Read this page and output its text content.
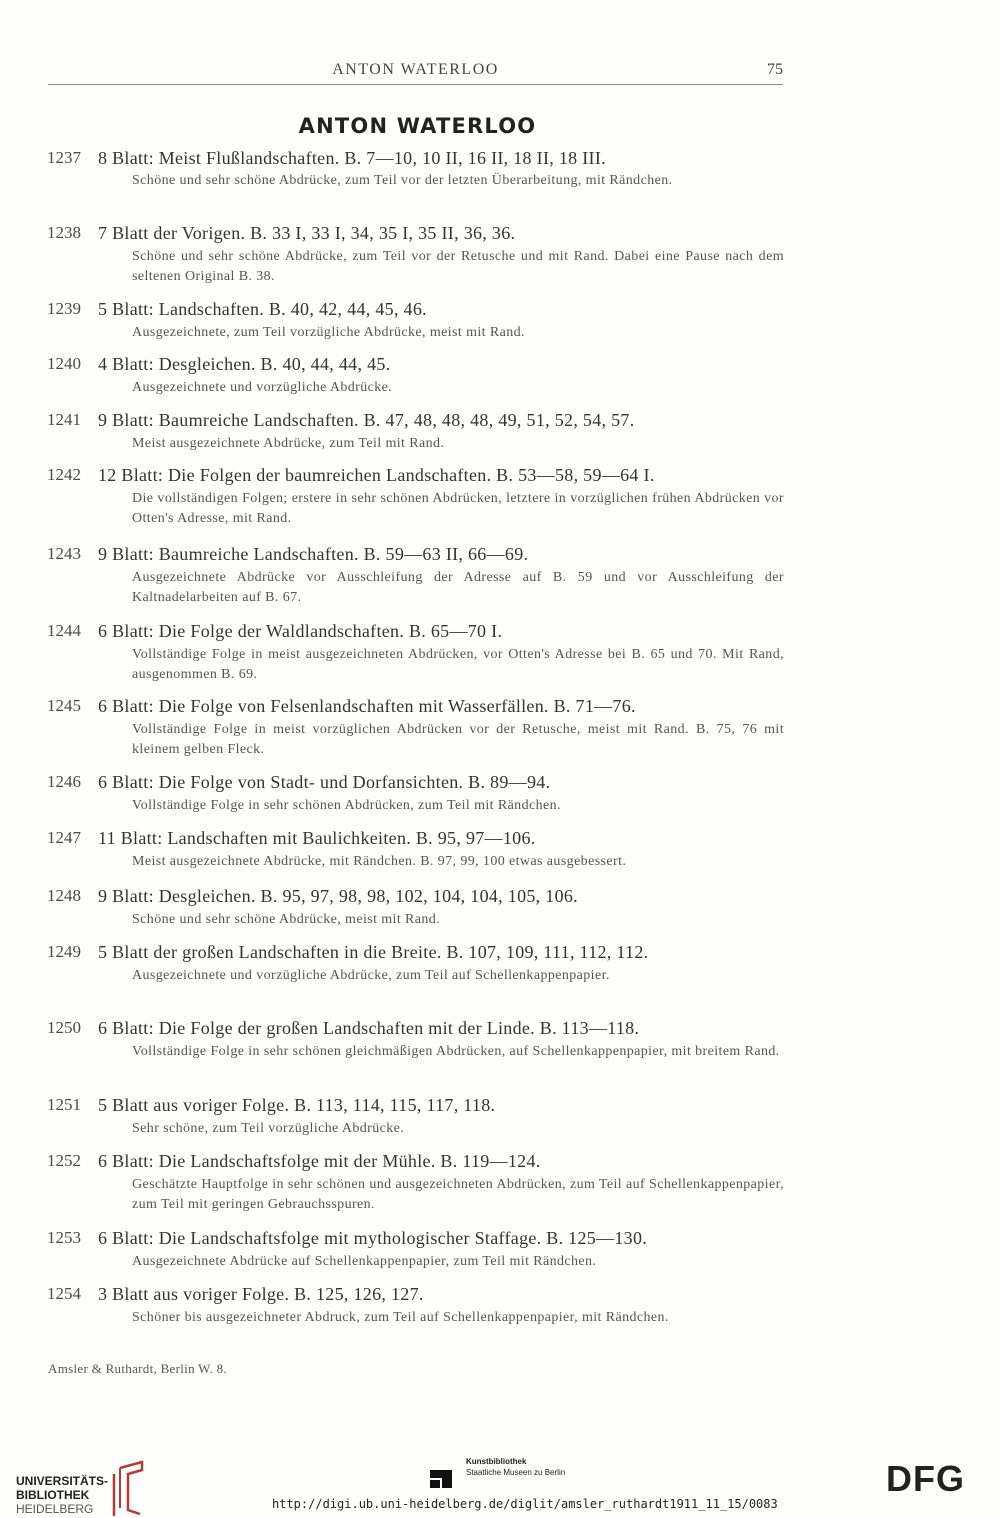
ANTON WATERLOO	75
ANTON WATERLOO
1237 8 Blatt: Meist Flußlandschaften. B. 7—10, 10 II, 16 II, 18 II, 18 III.
Schöne und sehr schöne Abdrücke, zum Teil vor der letzten Überarbeitung, mit Rändchen.
1238 7 Blatt der Vorigen. B. 33 I, 33 I, 34, 35 I, 35 II, 36, 36.
Schöne und sehr schöne Abdrücke, zum Teil vor der Retusche und mit Rand. Dabei eine Pause nach dem seltenen Original B. 38.
1239 5 Blatt: Landschaften. B. 40, 42, 44, 45, 46.
Ausgezeichnete, zum Teil vorzügliche Abdrücke, meist mit Rand.
1240 4 Blatt: Desgleichen. B. 40, 44, 44, 45.
Ausgezeichnete und vorzügliche Abdrücke.
1241 9 Blatt: Baumreiche Landschaften. B. 47, 48, 48, 48, 49, 51, 52, 54, 57.
Meist ausgezeichnete Abdrücke, zum Teil mit Rand.
1242 12 Blatt: Die Folgen der baumreichen Landschaften. B. 53—58, 59—64 I.
Die vollständigen Folgen; erstere in sehr schönen Abdrücken, letztere in vorzüglichen frühen Abdrücken vor Otten's Adresse, mit Rand.
1243 9 Blatt: Baumreiche Landschaften. B. 59—63 II, 66—69.
Ausgezeichnete Abdrücke vor Ausschleifung der Adresse auf B. 59 und vor Ausschleifung der Kaltnadelarbeiten auf B. 67.
1244 6 Blatt: Die Folge der Waldlandschaften. B. 65—70 I.
Vollständige Folge in meist ausgezeichneten Abdrücken, vor Otten's Adresse bei B. 65 und 70. Mit Rand, ausgenommen B. 69.
1245 6 Blatt: Die Folge von Felsenlandschaften mit Wasserfällen. B. 71—76.
Vollständige Folge in meist vorzüglichen Abdrücken vor der Retusche, meist mit Rand. B. 75, 76 mit kleinem gelben Fleck.
1246 6 Blatt: Die Folge von Stadt- und Dorfansichten. B. 89—94.
Vollständige Folge in sehr schönen Abdrücken, zum Teil mit Rändchen.
1247 11 Blatt: Landschaften mit Baulichkeiten. B. 95, 97—106.
Meist ausgezeichnete Abdrücke, mit Rändchen. B. 97, 99, 100 etwas ausgebessert.
1248 9 Blatt: Desgleichen. B. 95, 97, 98, 98, 102, 104, 104, 105, 106.
Schöne und sehr schöne Abdrücke, meist mit Rand.
1249 5 Blatt der großen Landschaften in die Breite. B. 107, 109, 111, 112, 112.
Ausgezeichnete und vorzügliche Abdrücke, zum Teil auf Schellenkappenpapier.
1250 6 Blatt: Die Folge der großen Landschaften mit der Linde. B. 113—118.
Vollständige Folge in sehr schönen gleichmäßigen Abdrücken, auf Schellenkappenpapier, mit breitem Rand.
1251 5 Blatt aus voriger Folge. B. 113, 114, 115, 117, 118.
Sehr schöne, zum Teil vorzügliche Abdrücke.
1252 6 Blatt: Die Landschaftsfolge mit der Mühle. B. 119—124.
Geschätzte Hauptfolge in sehr schönen und ausgezeichneten Abdrücken, zum Teil auf Schellenkappenpapier, zum Teil mit geringen Gebrauchsspuren.
1253 6 Blatt: Die Landschaftsfolge mit mythologischer Staffage. B. 125—130.
Ausgezeichnete Abdrücke auf Schellenkappenpapier, zum Teil mit Rändchen.
1254 3 Blatt aus voriger Folge. B. 125, 126, 127.
Schöner bis ausgezeichneter Abdruck, zum Teil auf Schellenkappenpapier, mit Rändchen.
Amsler & Ruthardt, Berlin W. 8.
UNIVERSITÄTS-
BIBLIOTHEK
HEIDELBERG
Kunstbibliothek
Staatliche Museen zu Berlin	DFG
http://digi.ub.uni-heidelberg.de/diglit/amsler_ruthardt1911_11_15/0083
